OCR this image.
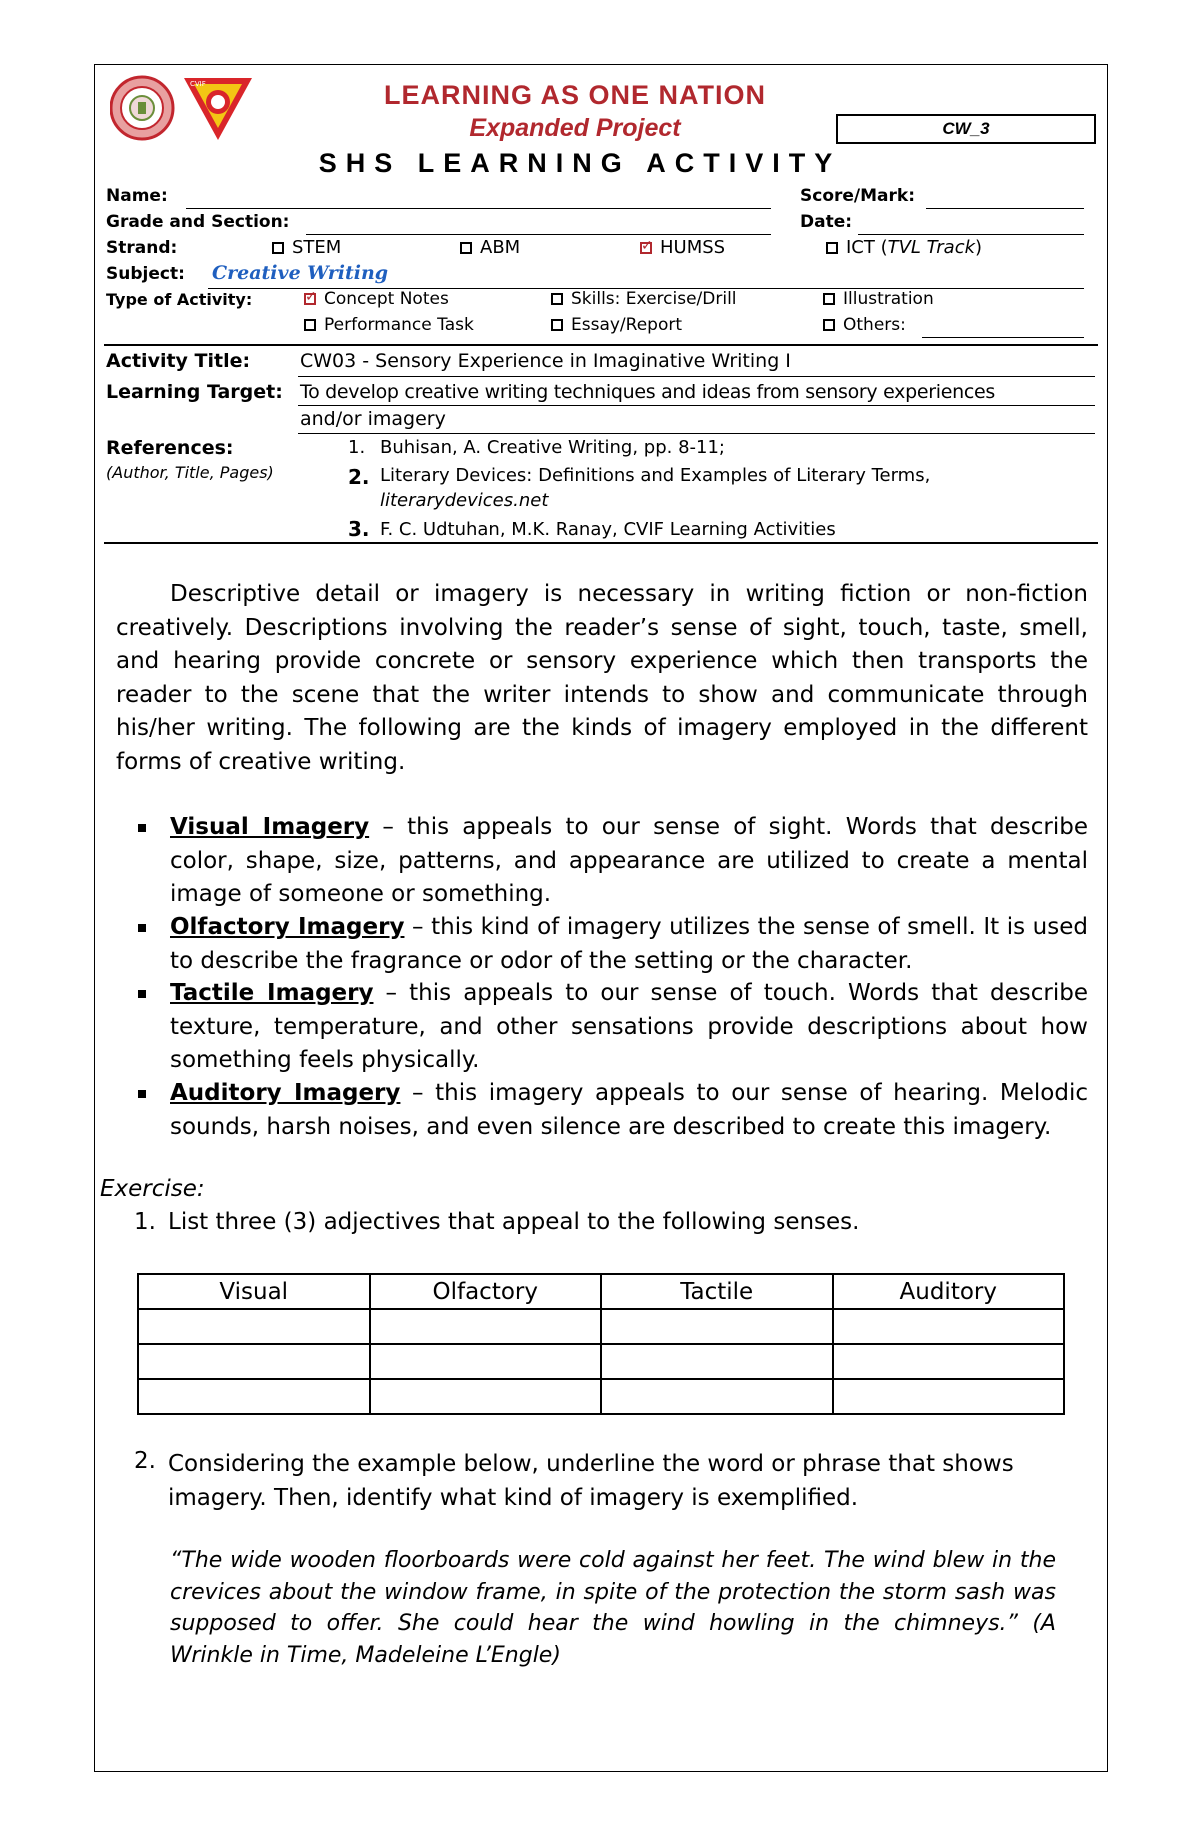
CVIF	LEARNING AS ONE NATION
Expanded Project	CW_3
SHS LEARNING ACTIVITY
Name:	Score/Mark:
Grade and Section:	Date:
Strand:	STEM	ABM ✓	HUMSS	ICT (TVL Track)
Subject: Creative Writing
Type of Activity: ✓	Concept Notes	Skills: Exercise/Drill	Illustration
Performance Task	Essay/Report	Others:
Activity Title:	CW03 - Sensory Experience in Imaginative Writing I
Learning Target: To develop creative writing techniques and ideas from sensory experiences
and/or imagery
References:
(Author, Title, Pages)
1. Buhisan, A. Creative Writing, pp. 8-11;
2. Literary Devices: Definitions and Examples of Literary Terms,
literarydevices.net
3. F. C. Udtuhan, M.K. Ranay, CVIF Learning Activities
Descriptive detail or imagery is necessary in writing fiction or non-fiction creatively. Descriptions involving the reader’s sense of sight, touch, taste, smell, and hearing provide concrete or sensory experience which then transports the reader to the scene that the writer intends to show and communicate through his/her writing. The following are the kinds of imagery employed in the different forms of creative writing.
Visual Imagery – this appeals to our sense of sight. Words that describe color, shape, size, patterns, and appearance are utilized to create a mental image of someone or something.
Olfactory Imagery – this kind of imagery utilizes the sense of smell. It is used to describe the fragrance or odor of the setting or the character.
Tactile Imagery – this appeals to our sense of touch. Words that describe texture, temperature, and other sensations provide descriptions about how something feels physically.
Auditory Imagery – this imagery appeals to our sense of hearing. Melodic sounds, harsh noises, and even silence are described to create this imagery.
Exercise:
1. List three (3) adjectives that appeal to the following senses.
Visual	Olfactory	Tactile	Auditory

2. Considering the example below, underline the word or phrase that shows imagery. Then, identify what kind of imagery is exemplified.
“The wide wooden floorboards were cold against her feet. The wind blew in the crevices about the window frame, in spite of the protection the storm sash was supposed to offer. She could hear the wind howling in the chimneys.” (A Wrinkle in Time, Madeleine L’Engle)
